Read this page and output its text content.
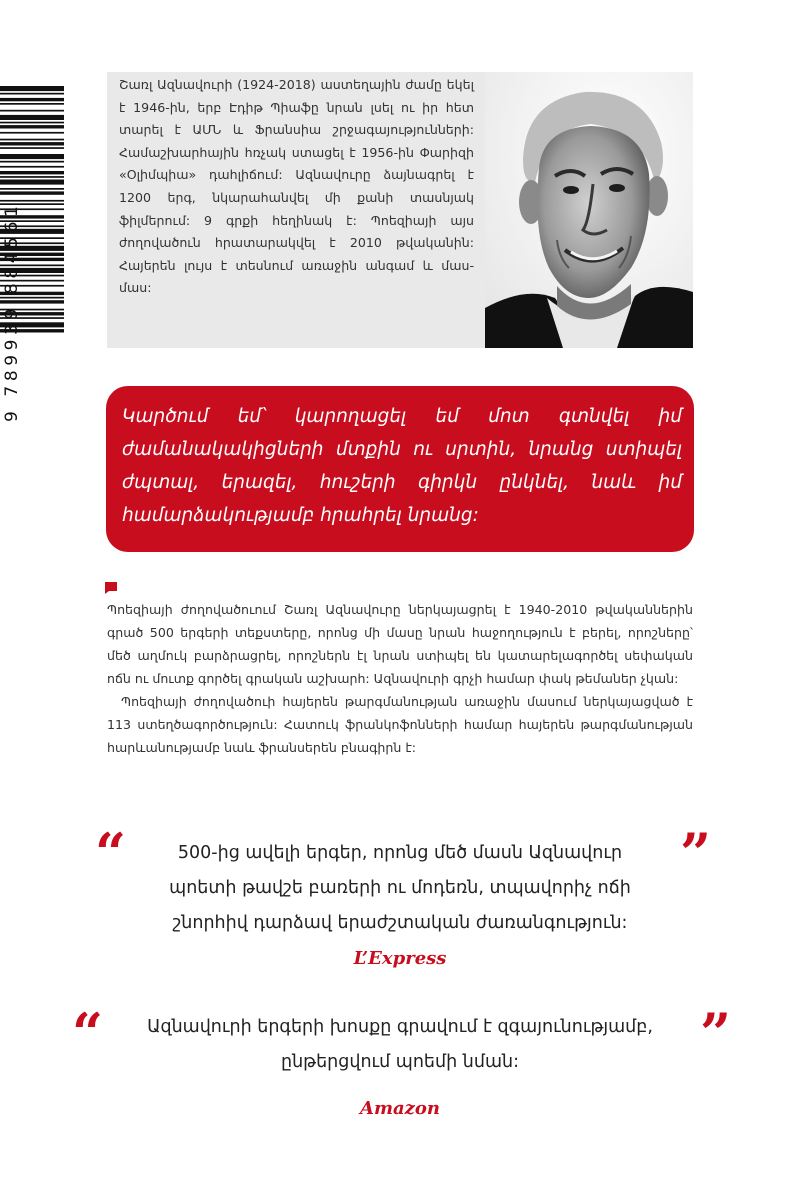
9 789939 884561
Շառլ Ազնավուրի (1924-2018) աստեղային ժամը եկել է 1946-ին, երբ Էդիթ Պիաֆը նրան լսել ու իր հետ տարել է ԱՄՆ և Ֆրանսիա շրջագայությունների: Համաշխարհային հռչակ ստացել է 1956-ին Փարիզի «Օլիմպիա» դահլիճում: Ազնավուրը ձայնագրել է 1200 երգ, նկարահանվել մի քանի տասնյակ ֆիլմերում: 9 գրքի հեղինակ է: Պոեզիայի այս ժողովածուն հրատարակվել է 2010 թվականին: Հայերեն լույս է տեսնում առաջին անգամ և մաս-մաս:
Կարծում եմ՝ կարողացել եմ մոտ գտնվել իմ ժամանակակիցների մտքին ու սրտին, նրանց ստիպել ժպտալ, երազել, հուշերի գիրկն ընկնել, նաև իմ համարձակությամբ հրահրել նրանց:

Պոեզիայի ժողովածուում Շառլ Ազնավուրը ներկայացրել է 1940-2010 թվականներին գրած 500 երգերի տեքստերը, որոնց մի մասը նրան հաջողություն է բերել, որոշները՝ մեծ աղմուկ բարձրացրել, որոշներն էլ նրան ստիպել են կատարելագործել սեփական ոճն ու մուտք գործել գրական աշխարհ: Ազնավուրի գրչի համար փակ թեմաներ չկան:

Պոեզիայի ժողովածուի հայերեն թարգմանության առաջին մասում ներկայացված է 113 ստեղծագործություն: Հատուկ ֆրանկոֆոնների համար հայերեն թարգմանության հարևանությամբ նաև ֆրանսերեն բնագիրն է:

“	500-ից ավելի երգեր, որոնց մեծ մասն Ազնավուր պոետի թավշե բառերի ու մոդեռն, տպավորիչ ոճի շնորհիվ դարձավ երաժշտական ժառանգություն:
”
L’Express
“	Ազնավուրի երգերի խոսքը գրավում է զգայունությամբ, ընթերցվում պոեմի նման:	”
Amazon
